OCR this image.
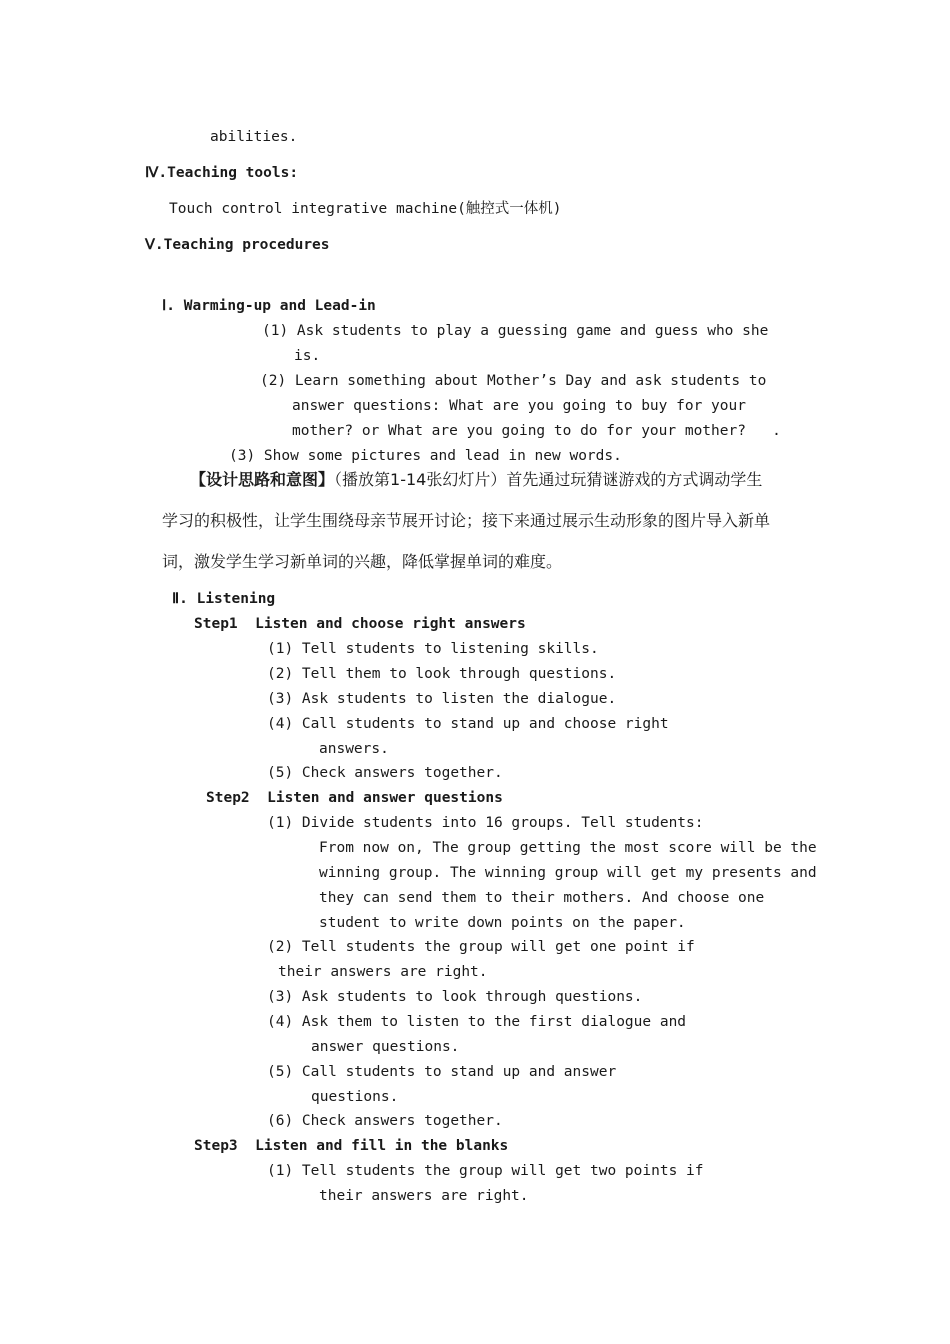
abilities.
Ⅳ.Teaching tools:
Touch control integrative machine(触控式一体机)
Ⅴ.Teaching procedures
Ⅰ. Warming-up and Lead-in
(1) Ask students to play a guessing game and guess who she
is.
(2) Learn something about Mother’s Day and ask students to
answer questions: What are you going to buy for your
mother? or What are you going to do for your mother?   .
(3) Show some pictures and lead in new words.
【设计思路和意图】（播放第1-14张幻灯片）首先通过玩猜谜游戏的方式调动学生
学习的积极性，让学生围绕母亲节展开讨论；接下来通过展示生动形象的图片导入新单
词，激发学生学习新单词的兴趣，降低掌握单词的难度。
Ⅱ. Listening
Step1  Listen and choose right answers
(1) Tell students to listening skills.
(2) Tell them to look through questions.
(3) Ask students to listen the dialogue.
(4) Call students to stand up and choose right
answers.
(5) Check answers together.
Step2  Listen and answer questions
(1) Divide students into 16 groups. Tell students:
From now on, The group getting the most score will be the
winning group. The winning group will get my presents and
they can send them to their mothers. And choose one
student to write down points on the paper.
(2) Tell students the group will get one point if
their answers are right.
(3) Ask students to look through questions.
(4) Ask them to listen to the first dialogue and
answer questions.
(5) Call students to stand up and answer
questions.
(6) Check answers together.
Step3  Listen and fill in the blanks
(1) Tell students the group will get two points if
their answers are right.
